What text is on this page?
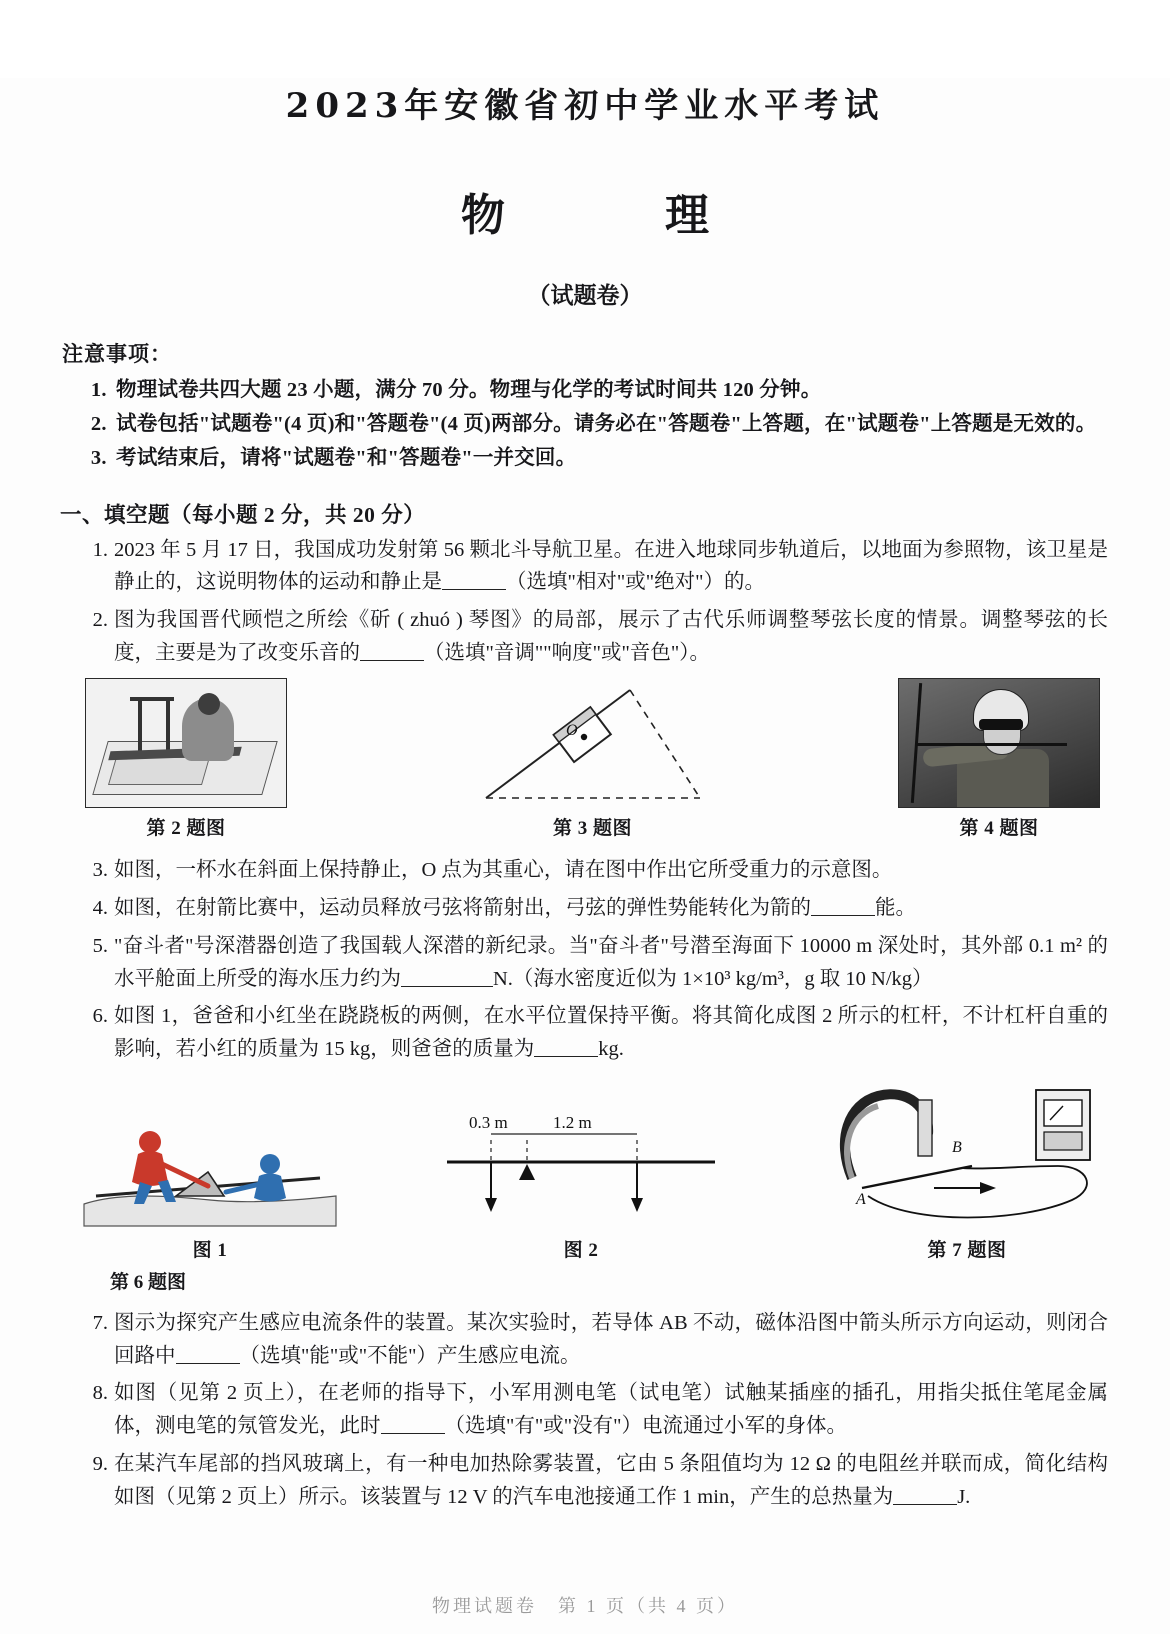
2023年安徽省初中学业水平考试
物　理
（试题卷）
注意事项：
1. 物理试卷共四大题 23 小题，满分 70 分。物理与化学的考试时间共 120 分钟。
2. 试卷包括"试题卷"(4 页)和"答题卷"(4 页)两部分。请务必在"答题卷"上答题，在"试题卷"上答题是无效的。
3. 考试结束后，请将"试题卷"和"答题卷"一并交回。
一、填空题（每小题 2 分，共 20 分）
1. 2023 年 5 月 17 日，我国成功发射第 56 颗北斗导航卫星。在进入地球同步轨道后，以地面为参照物，该卫星是静止的，这说明物体的运动和静止是	（选填"相对"或"绝对"）的。
2. 图为我国晋代顾恺之所绘《斫 ( zhuó ) 琴图》的局部，展示了古代乐师调整琴弦长度的情景。调整琴弦的长度，主要是为了改变乐音的	（选填"音调""响度"或"音色"）。
第 2 题图
O
第 3 题图	第 4 题图
3. 如图，一杯水在斜面上保持静止，O 点为其重心，请在图中作出它所受重力的示意图。
4. 如图，在射箭比赛中，运动员释放弓弦将箭射出，弓弦的弹性势能转化为箭的	能。
5. "奋斗者"号深潜器创造了我国载人深潜的新纪录。当"奋斗者"号潜至海面下 10000 m 深处时，其外部 0.1 m² 的水平舱面上所受的海水压力约为	N.（海水密度近似为 1×10³ kg/m³，g 取 10 N/kg）
6. 如图 1，爸爸和小红坐在跷跷板的两侧，在水平位置保持平衡。将其简化成图 2 所示的杠杆，不计杠杆自重的影响，若小红的质量为 15 kg，则爸爸的质量为	kg.
图 1
0.3 m	1.2 m
图 2
A
B
第 7 题图
第 6 题图
7. 图示为探究产生感应电流条件的装置。某次实验时，若导体 AB 不动，磁体沿图中箭头所示方向运动，则闭合回路中	（选填"能"或"不能"）产生感应电流。
8. 如图（见第 2 页上），在老师的指导下，小军用测电笔（试电笔）试触某插座的插孔，用指尖抵住笔尾金属体，测电笔的氖管发光，此时	（选填"有"或"没有"）电流通过小军的身体。
9. 在某汽车尾部的挡风玻璃上，有一种电加热除雾装置，它由 5 条阻值均为 12 Ω 的电阻丝并联而成，简化结构如图（见第 2 页上）所示。该装置与 12 V 的汽车电池接通工作 1 min，产生的总热量为	J.
物理试题卷　第 1 页（共 4 页）
